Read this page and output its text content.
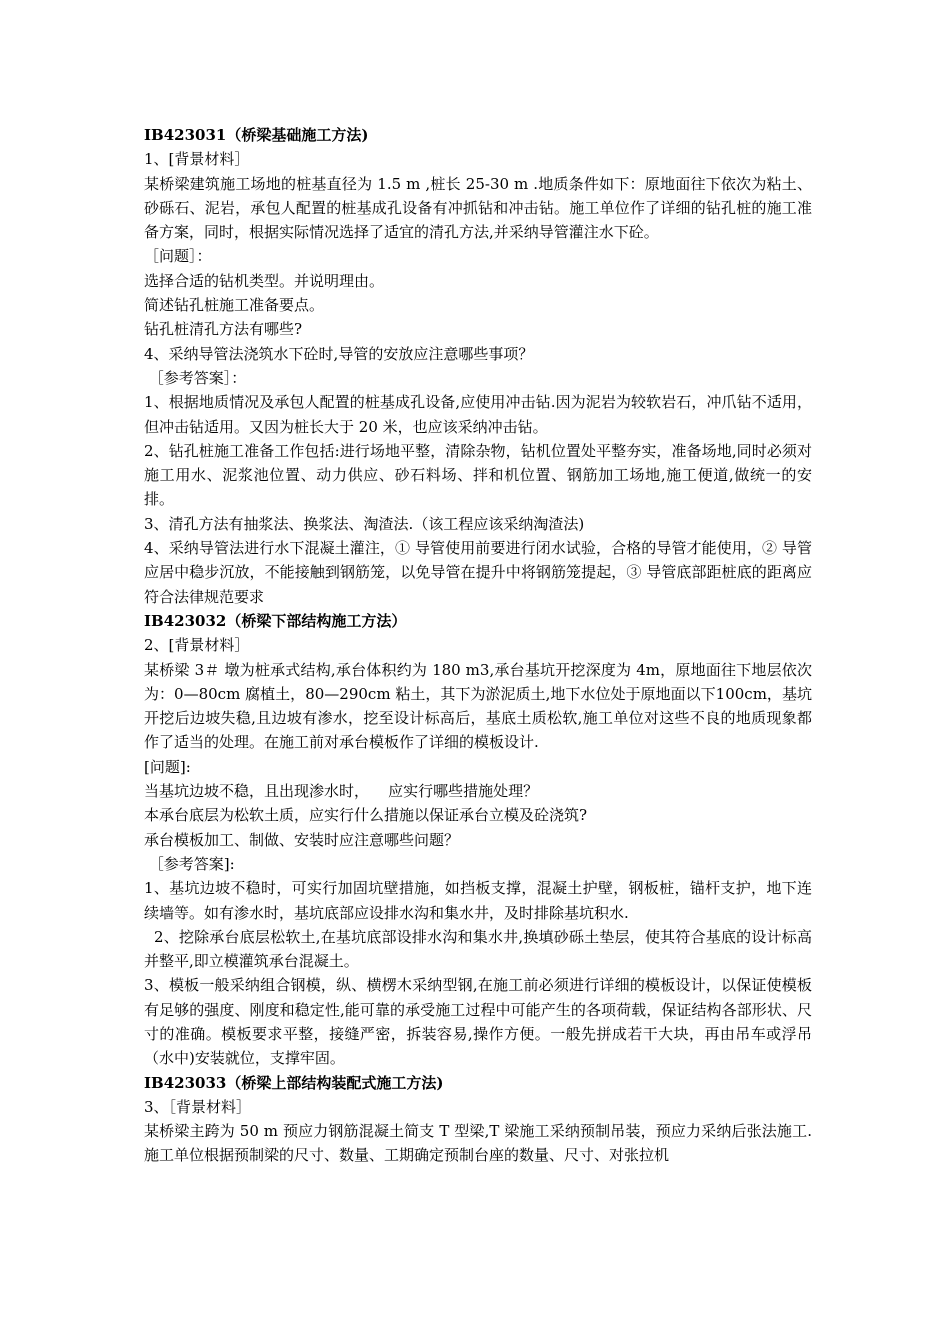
IB423031（桥梁基础施工方法)

1、[背景材料］

某桥梁建筑施工场地的桩基直径为 1.5 m ,桩长 25-30 m .地质条件如下：原地面往下依次为粘土、砂砾石、泥岩，承包人配置的桩基成孔设备有冲抓钻和冲击钻。施工单位作了详细的钻孔桩的施工准备方案，同时，根据实际情况选择了适宜的清孔方法,并采纳导管灌注水下砼。

［问题］：

选择合适的钻机类型。并说明理由。

简述钻孔桩施工准备要点。

钻孔桩清孔方法有哪些?

4、采纳导管法浇筑水下砼时,导管的安放应注意哪些事项？

［参考答案］：

1、根据地质情况及承包人配置的桩基成孔设备,应使用冲击钻.因为泥岩为较软岩石，冲爪钻不适用，但冲击钻适用。又因为桩长大于 20 米，也应该采纳冲击钻。

2、钻孔桩施工准备工作包括:进行场地平整，清除杂物，钻机位置处平整夯实，准备场地,同时必须对施工用水、泥浆池位置、动力供应、砂石料场、拌和机位置、钢筋加工场地,施工便道,做统一的安排。

3、清孔方法有抽浆法、换浆法、淘渣法.（该工程应该采纳淘渣法)

4、采纳导管法进行水下混凝土灌注，① 导管使用前要进行闭水试验，合格的导管才能使用，② 导管应居中稳步沉放，不能接触到钢筋笼，以免导管在提升中将钢筋笼提起，③ 导管底部距桩底的距离应符合法律规范要求

IB423032（桥梁下部结构施工方法）

2、[背景材料］

某桥梁 3＃ 墩为桩承式结构,承台体积约为 180 m3,承台基坑开挖深度为 4m，原地面往下地层依次为：0—80cm 腐植土，80—290cm 粘土，其下为淤泥质土,地下水位处于原地面以下100cm，基坑开挖后边坡失稳,且边坡有渗水，挖至设计标高后，基底土质松软,施工单位对这些不良的地质现象都作了适当的处理。在施工前对承台模板作了详细的模板设计.

[问题]:

当基坑边坡不稳，且出现渗水时，    应实行哪些措施处理？

本承台底层为松软土质，应实行什么措施以保证承台立模及砼浇筑?

承台模板加工、制做、安装时应注意哪些问题？

［参考答案]:

1、基坑边坡不稳时，可实行加固坑壁措施，如挡板支撑，混凝土护壁，钢板桩，锚杆支护，地下连续墙等。如有渗水时，基坑底部应设排水沟和集水井，及时排除基坑积水.

2、挖除承台底层松软土,在基坑底部设排水沟和集水井,换填砂砾土垫层，使其符合基底的设计标高并整平,即立模灌筑承台混凝土。

3、模板一般采纳组合钢模，纵、横楞木采纳型钢,在施工前必须进行详细的模板设计，以保证使模板有足够的强度、刚度和稳定性,能可靠的承受施工过程中可能产生的各项荷载，保证结构各部形状、尺寸的准确。模板要求平整，接缝严密，拆装容易,操作方便。一般先拼成若干大块，再由吊车或浮吊（水中)安装就位，支撑牢固。

IB423033（桥梁上部结构装配式施工方法)

3、［背景材料］

某桥梁主跨为 50 m 预应力钢筋混凝土简支 T 型梁,T 梁施工采纳预制吊装，预应力采纳后张法施工.施工单位根据预制梁的尺寸、数量、工期确定预制台座的数量、尺寸、对张拉机
